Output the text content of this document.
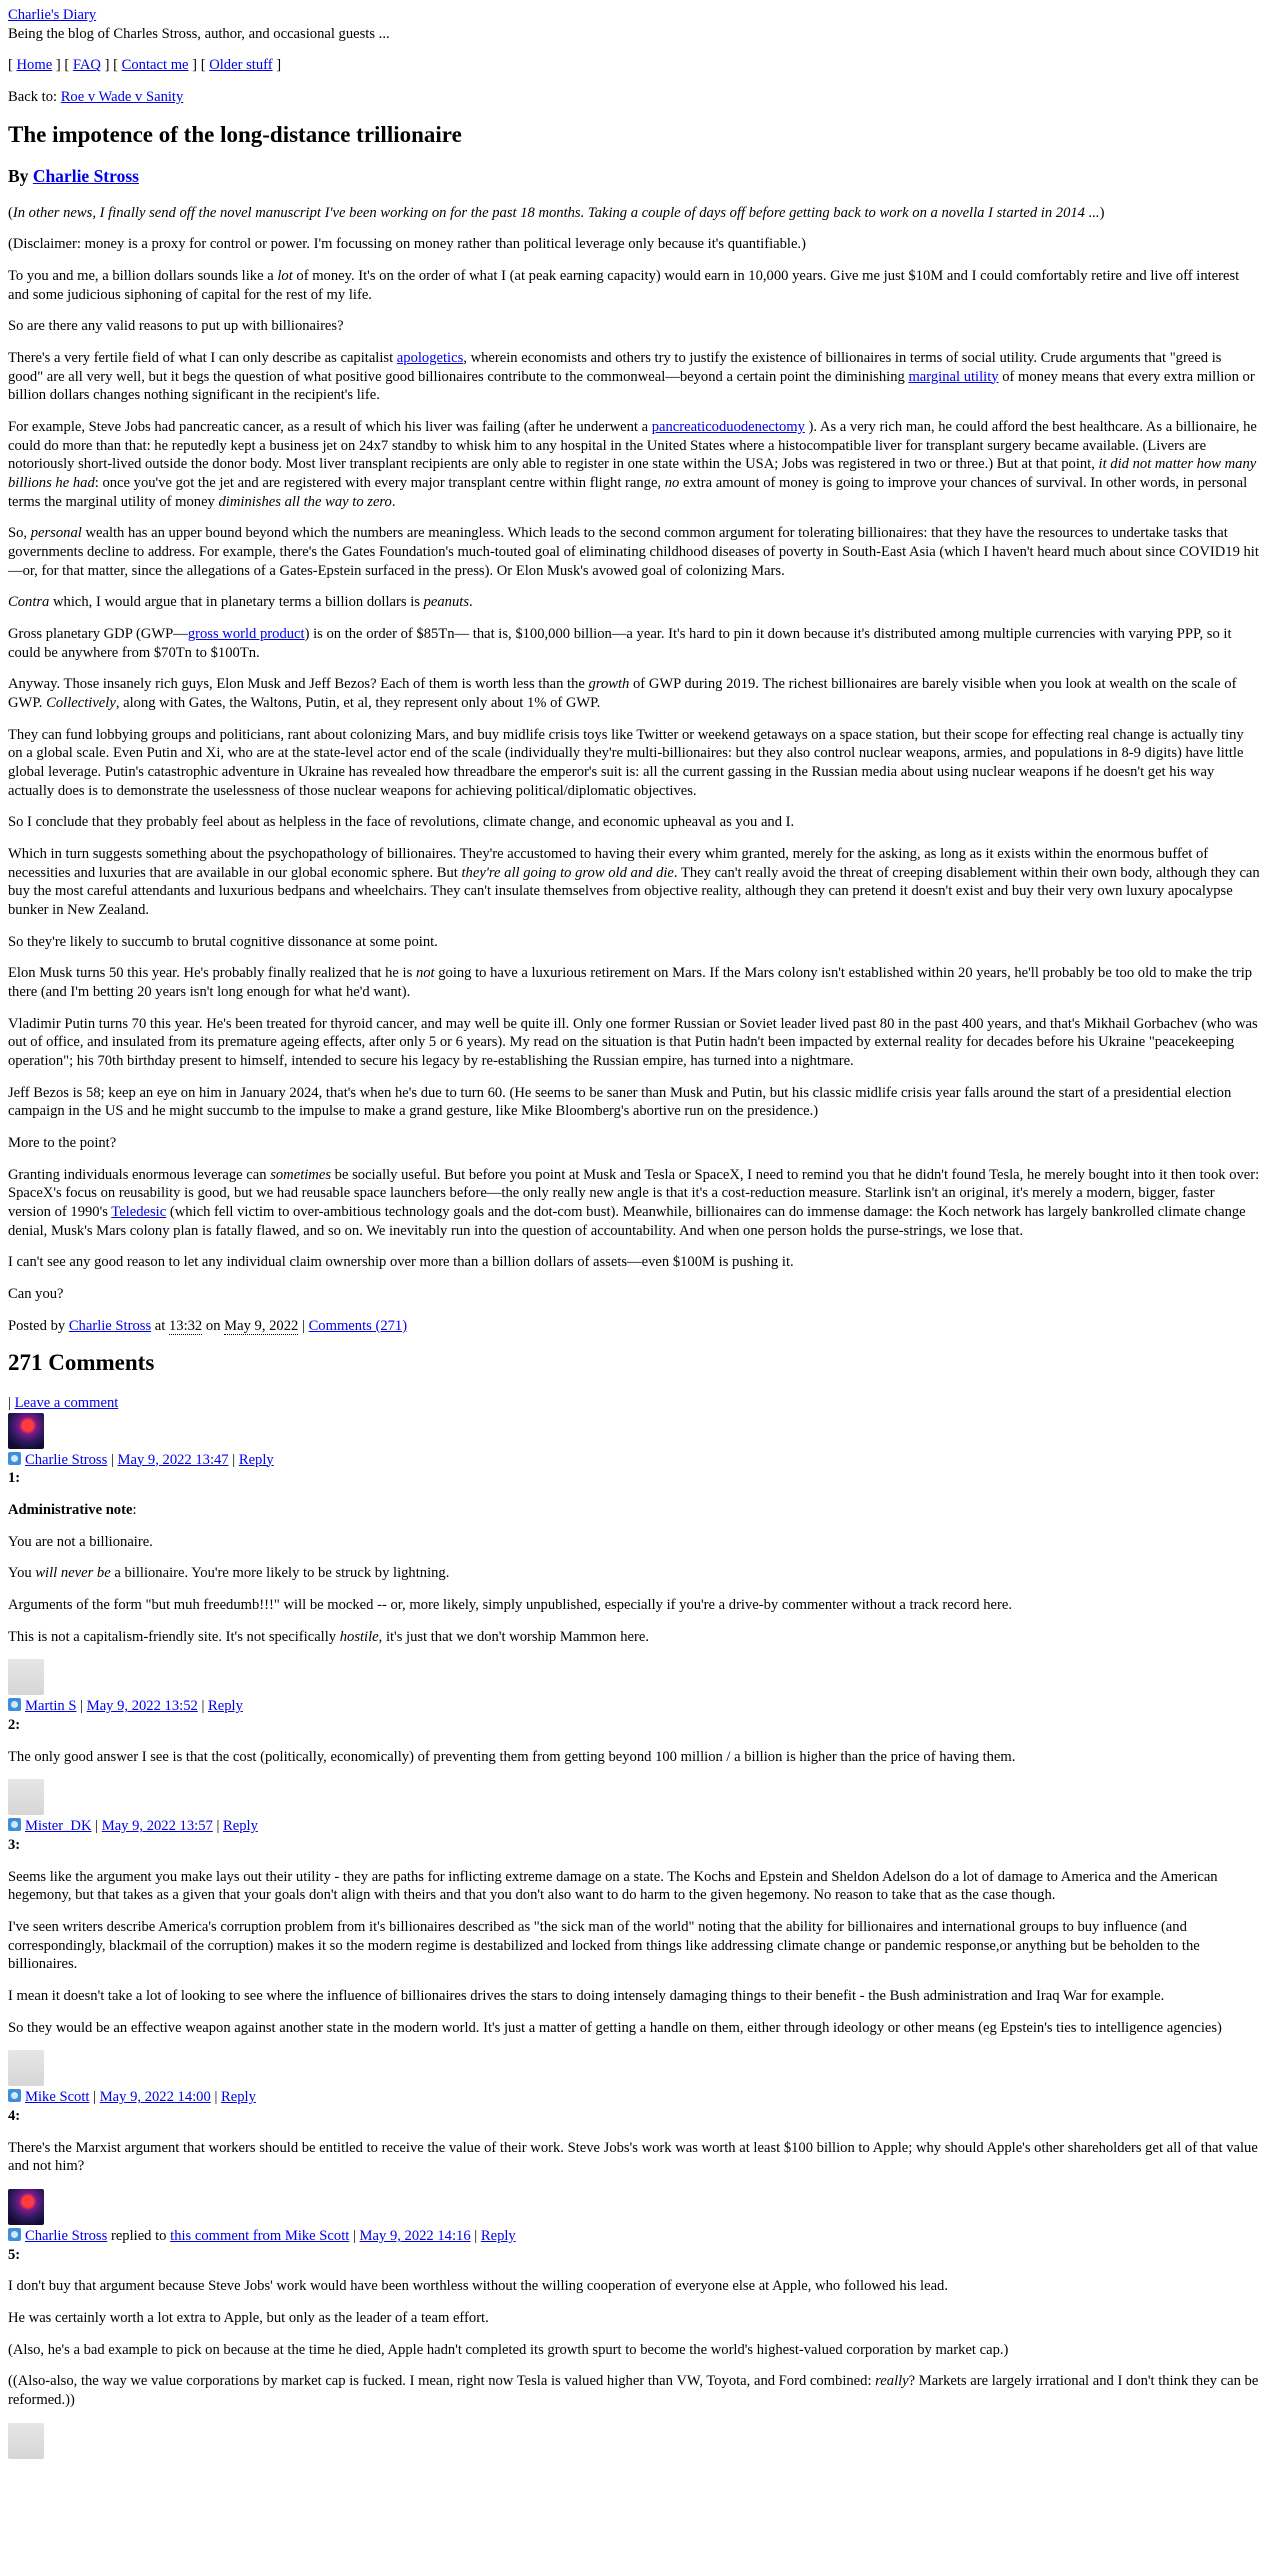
Charlie's Diary
Being the blog of Charles Stross, author, and occasional guests ...

[ Home ] [ FAQ ] [ Contact me ] [ Older stuff ]

Back to: Roe v Wade v Sanity

The impotence of the long-distance trillionaire
By Charlie Stross

(In other news, I finally send off the novel manuscript I've been working on for the past 18 months. Taking a couple of days off before getting back to work on a novella I started in 2014 ...)

(Disclaimer: money is a proxy for control or power. I'm focussing on money rather than political leverage only because it's quantifiable.)

To you and me, a billion dollars sounds like a lot of money. It's on the order of what I (at peak earning capacity) would earn in 10,000 years. Give me just $10M and I could comfortably retire and live off interest and some judicious siphoning of capital for the rest of my life.

So are there any valid reasons to put up with billionaires?

There's a very fertile field of what I can only describe as capitalist apologetics, wherein economists and others try to justify the existence of billionaires in terms of social utility. Crude arguments that "greed is good" are all very well, but it begs the question of what positive good billionaires contribute to the commonweal—beyond a certain point the diminishing marginal utility of money means that every extra million or billion dollars changes nothing significant in the recipient's life.

For example, Steve Jobs had pancreatic cancer, as a result of which his liver was failing (after he underwent a pancreaticoduodenectomy ). As a very rich man, he could afford the best healthcare. As a billionaire, he could do more than that: he reputedly kept a business jet on 24x7 standby to whisk him to any hospital in the United States where a histocompatible liver for transplant surgery became available. (Livers are notoriously short-lived outside the donor body. Most liver transplant recipients are only able to register in one state within the USA; Jobs was registered in two or three.) But at that point, it did not matter how many billions he had: once you've got the jet and are registered with every major transplant centre within flight range, no extra amount of money is going to improve your chances of survival. In other words, in personal terms the marginal utility of money diminishes all the way to zero.

So, personal wealth has an upper bound beyond which the numbers are meaningless. Which leads to the second common argument for tolerating billionaires: that they have the resources to undertake tasks that governments decline to address. For example, there's the Gates Foundation's much-touted goal of eliminating childhood diseases of poverty in South-East Asia (which I haven't heard much about since COVID19 hit—or, for that matter, since the allegations of a Gates-Epstein surfaced in the press). Or Elon Musk's avowed goal of colonizing Mars.

Contra which, I would argue that in planetary terms a billion dollars is peanuts.

Gross planetary GDP (GWP—gross world product) is on the order of $85Tn— that is, $100,000 billion—a year. It's hard to pin it down because it's distributed among multiple currencies with varying PPP, so it could be anywhere from $70Tn to $100Tn.

Anyway. Those insanely rich guys, Elon Musk and Jeff Bezos? Each of them is worth less than the growth of GWP during 2019. The richest billionaires are barely visible when you look at wealth on the scale of GWP. Collectively, along with Gates, the Waltons, Putin, et al, they represent only about 1% of GWP.

They can fund lobbying groups and politicians, rant about colonizing Mars, and buy midlife crisis toys like Twitter or weekend getaways on a space station, but their scope for effecting real change is actually tiny on a global scale. Even Putin and Xi, who are at the state-level actor end of the scale (individually they're multi-billionaires: but they also control nuclear weapons, armies, and populations in 8-9 digits) have little global leverage. Putin's catastrophic adventure in Ukraine has revealed how threadbare the emperor's suit is: all the current gassing in the Russian media about using nuclear weapons if he doesn't get his way actually does is to demonstrate the uselessness of those nuclear weapons for achieving political/diplomatic objectives.

So I conclude that they probably feel about as helpless in the face of revolutions, climate change, and economic upheaval as you and I.

Which in turn suggests something about the psychopathology of billionaires. They're accustomed to having their every whim granted, merely for the asking, as long as it exists within the enormous buffet of necessities and luxuries that are available in our global economic sphere. But they're all going to grow old and die. They can't really avoid the threat of creeping disablement within their own body, although they can buy the most careful attendants and luxurious bedpans and wheelchairs. They can't insulate themselves from objective reality, although they can pretend it doesn't exist and buy their very own luxury apocalypse bunker in New Zealand.

So they're likely to succumb to brutal cognitive dissonance at some point.

Elon Musk turns 50 this year. He's probably finally realized that he is not going to have a luxurious retirement on Mars. If the Mars colony isn't established within 20 years, he'll probably be too old to make the trip there (and I'm betting 20 years isn't long enough for what he'd want).

Vladimir Putin turns 70 this year. He's been treated for thyroid cancer, and may well be quite ill. Only one former Russian or Soviet leader lived past 80 in the past 400 years, and that's Mikhail Gorbachev (who was out of office, and insulated from its premature ageing effects, after only 5 or 6 years). My read on the situation is that Putin hadn't been impacted by external reality for decades before his Ukraine "peacekeeping operation"; his 70th birthday present to himself, intended to secure his legacy by re-establishing the Russian empire, has turned into a nightmare.

Jeff Bezos is 58; keep an eye on him in January 2024, that's when he's due to turn 60. (He seems to be saner than Musk and Putin, but his classic midlife crisis year falls around the start of a presidential election campaign in the US and he might succumb to the impulse to make a grand gesture, like Mike Bloomberg's abortive run on the presidence.)

More to the point?

Granting individuals enormous leverage can sometimes be socially useful. But before you point at Musk and Tesla or SpaceX, I need to remind you that he didn't found Tesla, he merely bought into it then took over: SpaceX's focus on reusability is good, but we had reusable space launchers before—the only really new angle is that it's a cost-reduction measure. Starlink isn't an original, it's merely a modern, bigger, faster version of 1990's Teledesic (which fell victim to over-ambitious technology goals and the dot-com bust). Meanwhile, billionaires can do immense damage: the Koch network has largely bankrolled climate change denial, Musk's Mars colony plan is fatally flawed, and so on. We inevitably run into the question of accountability. And when one person holds the purse-strings, we lose that.

I can't see any good reason to let any individual claim ownership over more than a billion dollars of assets—even $100M is pushing it.

Can you?

Posted by Charlie Stross at 13:32 on May 9, 2022 | Comments (271)

271 Comments

| Leave a comment

Charlie Stross | May 9, 2022 13:47 | Reply
1:

Administrative note:

You are not a billionaire.

You will never be a billionaire. You're more likely to be struck by lightning.

Arguments of the form "but muh freedumb!!!" will be mocked -- or, more likely, simply unpublished, especially if you're a drive-by commenter without a track record here.

This is not a capitalism-friendly site. It's not specifically hostile, it's just that we don't worship Mammon here.

Martin S | May 9, 2022 13:52 | Reply
2:

The only good answer I see is that the cost (politically, economically) of preventing them from getting beyond 100 million / a billion is higher than the price of having them.

Mister_DK | May 9, 2022 13:57 | Reply
3:

Seems like the argument you make lays out their utility - they are paths for inflicting extreme damage on a state. The Kochs and Epstein and Sheldon Adelson do a lot of damage to America and the American hegemony, but that takes as a given that your goals don't align with theirs and that you don't also want to do harm to the given hegemony. No reason to take that as the case though.

I've seen writers describe America's corruption problem from it's billionaires described as "the sick man of the world" noting that the ability for billionaires and international groups to buy influence (and correspondingly, blackmail of the corruption) makes it so the modern regime is destabilized and locked from things like addressing climate change or pandemic response,or anything but be beholden to the billionaires.

I mean it doesn't take a lot of looking to see where the influence of billionaires drives the stars to doing intensely damaging things to their benefit - the Bush administration and Iraq War for example.

So they would be an effective weapon against another state in the modern world. It's just a matter of getting a handle on them, either through ideology or other means (eg Epstein's ties to intelligence agencies)

Mike Scott | May 9, 2022 14:00 | Reply
4:

There's the Marxist argument that workers should be entitled to receive the value of their work. Steve Jobs's work was worth at least $100 billion to Apple; why should Apple's other shareholders get all of that value and not him?

Charlie Stross replied to this comment from Mike Scott | May 9, 2022 14:16 | Reply
5:

I don't buy that argument because Steve Jobs' work would have been worthless without the willing cooperation of everyone else at Apple, who followed his lead.

He was certainly worth a lot extra to Apple, but only as the leader of a team effort.

(Also, he's a bad example to pick on because at the time he died, Apple hadn't completed its growth spurt to become the world's highest-valued corporation by market cap.)

((Also-also, the way we value corporations by market cap is fucked. I mean, right now Tesla is valued higher than VW, Toyota, and Ford combined: really? Markets are largely irrational and I don't think they can be reformed.))
